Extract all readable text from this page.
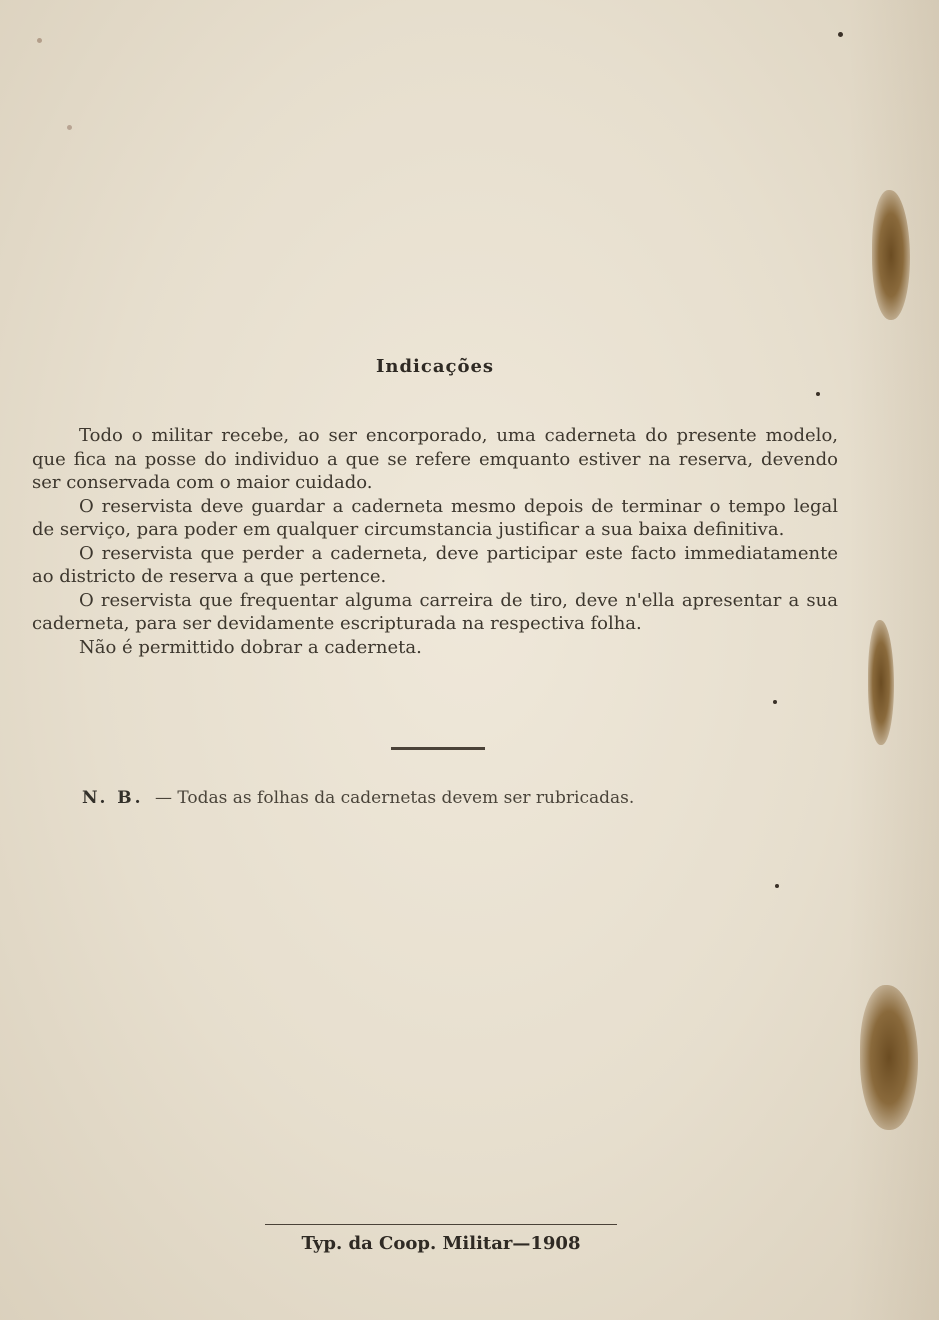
Indicações

Todo o militar recebe, ao ser encorporado, uma caderneta do presente modelo, que fica na posse do individuo a que se refere emquanto estiver na reserva, devendo ser conservada com o maior cuidado.

O reservista deve guardar a caderneta mesmo depois de terminar o tempo legal de serviço, para poder em qualquer circumstancia justificar a sua baixa definitiva.

O reservista que perder a caderneta, deve participar este facto immediatamente ao districto de reserva a que pertence.

O reservista que frequentar alguma carreira de tiro, deve n'ella apresentar a sua caderneta, para ser devidamente escripturada na respectiva folha.

Não é permittido dobrar a caderneta.

N. B. — Todas as folhas da cadernetas devem ser rubricadas.
Typ. da Coop. Militar—1908
